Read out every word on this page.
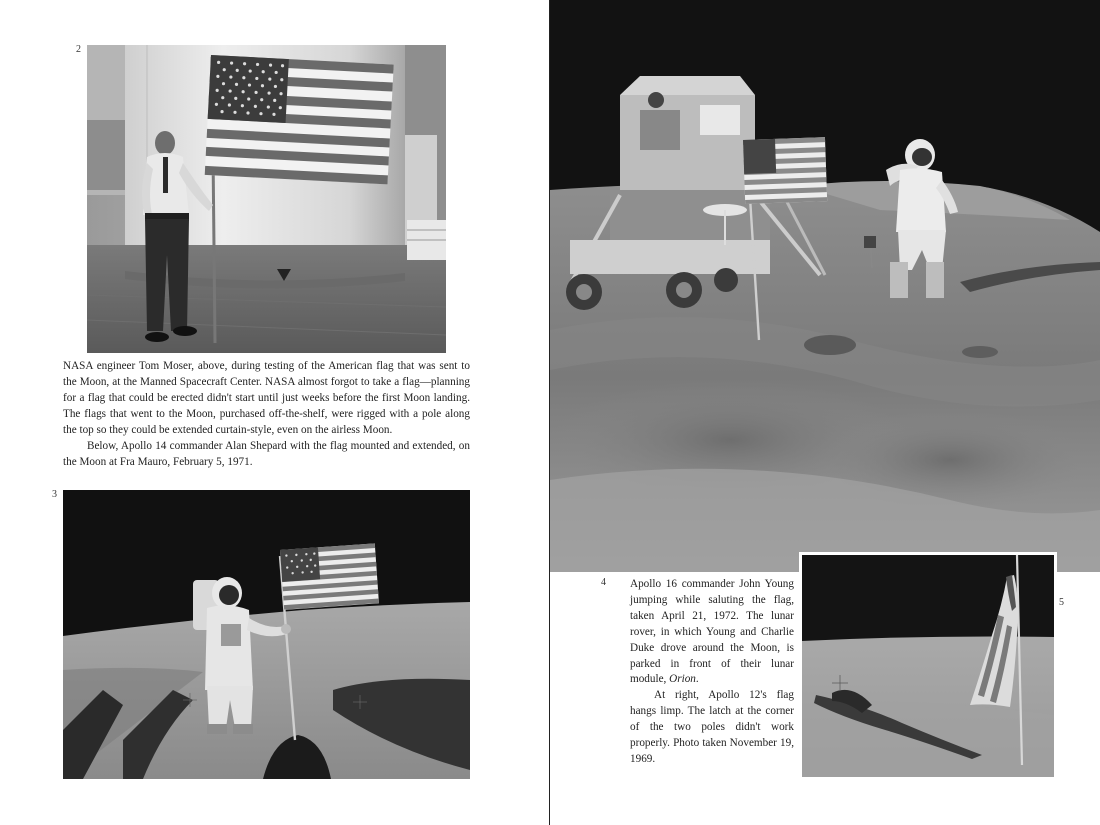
2

NASA engineer Tom Moser, above, during testing of the American flag that was sent to the Moon, at the Manned Spacecraft Center. NASA almost forgot to take a flag—planning for a flag that could be erected didn't start until just weeks before the first Moon landing. The flags that went to the Moon, purchased off-the-shelf, were rigged with a pole along the top so they could be extended curtain-style, even on the airless Moon.

Below, Apollo 14 commander Alan Shepard with the flag mounted and extended, on the Moon at Fra Mauro, February 5, 1971.

3
4 Apollo 16 commander John Young jumping while saluting the flag, taken April 21, 1972. The lunar rover, in which Young and Charlie Duke drove around the Moon, is parked in front of their lunar module, Orion.

At right, Apollo 12's flag hangs limp. The latch at the corner of the two poles didn't work properly. Photo taken November 19, 1969.

5
